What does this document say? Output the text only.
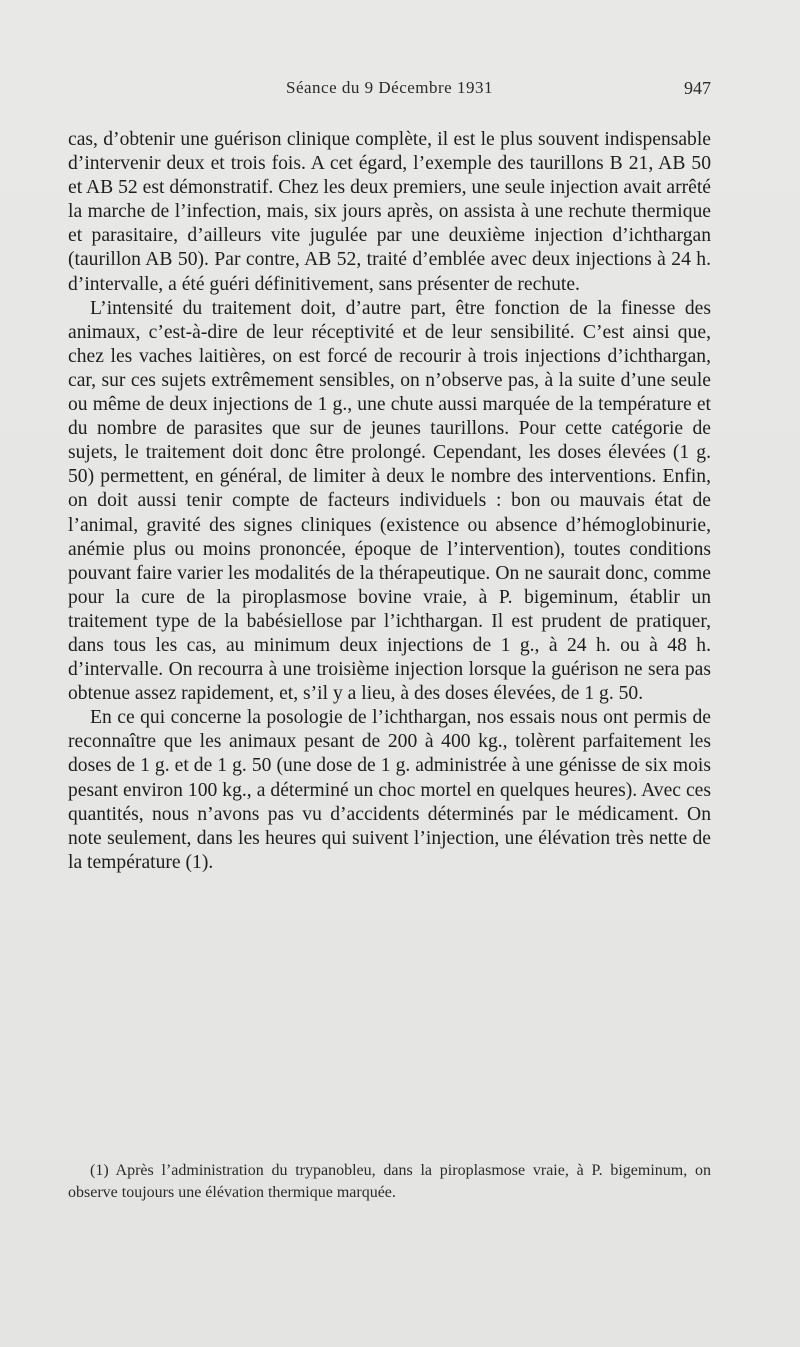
Séance du 9 Décembre 1931	947

cas, d’obtenir une guérison clinique complète, il est le plus souvent indispensable d’intervenir deux et trois fois. A cet égard, l’exemple des taurillons B 21, AB 50 et AB 52 est démonstratif. Chez les deux premiers, une seule injection avait arrêté la marche de l’infection, mais, six jours après, on assista à une rechute thermique et parasitaire, d’ailleurs vite jugulée par une deuxième injection d’ichthargan (taurillon AB 50). Par contre, AB 52, traité d’emblée avec deux injections à 24 h. d’intervalle, a été guéri définitivement, sans présenter de rechute.

L’intensité du traitement doit, d’autre part, être fonction de la finesse des animaux, c’est-à-dire de leur réceptivité et de leur sensibilité. C’est ainsi que, chez les vaches laitières, on est forcé de recourir à trois injections d’ichthargan, car, sur ces sujets extrêmement sensibles, on n’observe pas, à la suite d’une seule ou même de deux injections de 1 g., une chute aussi marquée de la température et du nombre de parasites que sur de jeunes taurillons. Pour cette catégorie de sujets, le traitement doit donc être prolongé. Cependant, les doses élevées (1 g. 50) permettent, en général, de limiter à deux le nombre des interventions. Enfin, on doit aussi tenir compte de facteurs individuels : bon ou mauvais état de l’animal, gravité des signes cliniques (existence ou absence d’hémoglobinurie, anémie plus ou moins prononcée, époque de l’intervention), toutes conditions pouvant faire varier les modalités de la thérapeutique. On ne saurait donc, comme pour la cure de la piroplasmose bovine vraie, à P. bigeminum, établir un traitement type de la babésiellose par l’ichthargan. Il est prudent de pratiquer, dans tous les cas, au minimum deux injections de 1 g., à 24 h. ou à 48 h. d’intervalle. On recourra à une troisième injection lorsque la guérison ne sera pas obtenue assez rapidement, et, s’il y a lieu, à des doses élevées, de 1 g. 50.

En ce qui concerne la posologie de l’ichthargan, nos essais nous ont permis de reconnaître que les animaux pesant de 200 à 400 kg., tolèrent parfaitement les doses de 1 g. et de 1 g. 50 (une dose de 1 g. administrée à une génisse de six mois pesant environ 100 kg., a déterminé un choc mortel en quelques heures). Avec ces quantités, nous n’avons pas vu d’accidents déterminés par le médicament. On note seulement, dans les heures qui suivent l’injection, une élévation très nette de la température (1).

(1) Après l’administration du trypanobleu, dans la piroplasmose vraie, à P. bigeminum, on observe toujours une élévation thermique marquée.
